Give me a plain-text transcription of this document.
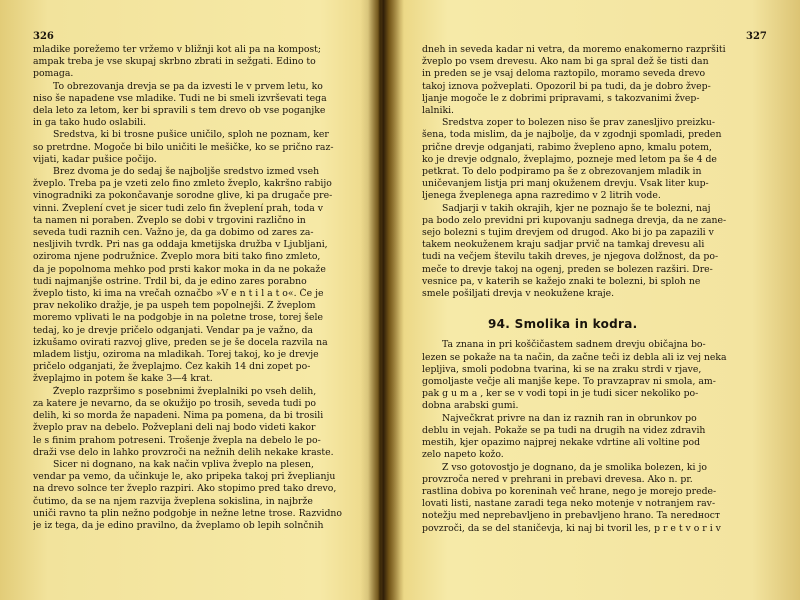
326

mladike porežemo ter vržemo v bližnji kot ali pa na kompost;

ampak treba je vse skupaj skrbno zbrati in sežgati. Edino to

pomaga.

To obrezovanja drevja se pa da izvesti le v prvem letu, ko

niso še napadene vse mladike. Tudi ne bi smeli izvrševati tega

dela leto za letom, ker bi spravili s tem drevo ob vse poganjke

in ga tako hudo oslabili.

Sredstva, ki bi trosne pušice uničilo, sploh ne poznam, ker

so pretrdne. Mogoče bi bilo uničiti le mešičke, ko se prično raz-

vijati, kadar pušice počijo.

Brez dvoma je do sedaj še najboljše sredstvo izmed vseh

žveplo. Treba pa je vzeti zelo fino zmleto žveplo, kakršno rabijo

vinogradniki za pokončavanje sorodne glive, ki pa drugače pre-

vinni. Žveplení cvet je sicer tudi zelo fin žveplení prah, toda v

ta namen ni poraben. Žveplo se dobi v trgovini različno in

seveda tudi raznih cen. Važno je, da ga dobimo od zares za-

nesljivih tvrdk. Pri nas ga oddaja kmetijska družba v Ljubljani,

oziroma njene podružnice. Žveplo mora biti tako fino zmleto,

da je popolnoma mehko pod prsti kakor moka in da ne pokaže

tudi najmanjše ostrine. Trdil bi, da je edino zares porabno

žveplo tisto, ki ima na vrečah označbo »V e n t i l a t o«. Če je

prav nekoliko dražje, je pa uspeh tem popolnejši. Z žveplom

moremo vplivati le na podgobje in na poletne trose, torej šele

tedaj, ko je drevje pričelo odganjati. Vendar pa je važno, da

izkušamo ovirati razvoj glive, preden se je še docela razvila na

mladem listju, oziroma na mladikah. Torej takoj, ko je drevje

pričelo odganjati, že žveplajmo. Čez kakih 14 dni zopet po-

žveplajmo in potem še kake 3—4 krat.

Žveplo razpršimo s posebnimi žveplalniki po vseh delih,

za katere je nevarno, da se okužijo po trosih, seveda tudi po

delih, ki so morda že napadeni. Nima pa pomena, da bi trosili

žveplo prav na debelo. Požveplani deli naj bodo videti kakor

le s finim prahom potreseni. Trošenje žvepla na debelo le po-

draži vse delo in lahko provzroči na nežnih delih nekake kraste.

Sicer ni dognano, na kak način vpliva žveplo na plesen,

vendar pa vemo, da učinkuje le, ako pripeka takoj pri žveplianju

na drevo solnce ter žveplo razpiri. Ako stopimo pred tako drevo,

čutimo, da se na njem razvija žveplena sokislina, in najbrže

uniči ravno ta plin nežno podgobje in nežne letne trose. Razvidno

je iz tega, da je edino pravilno, da žveplamo ob lepih solnčnih

327

dneh in seveda kadar ni vetra, da moremo enakomerno razpršiti

žveplo po vsem drevesu. Ako nam bi ga spral dež še tisti dan

in preden se je vsaj deloma raztopilo, moramo seveda drevo

takoj iznova požveplati. Opozoril bi pa tudi, da je dobro žvep-

ljanje mogoče le z dobrimi pripravami, s takozvanimi žvep-

lalniki.

Sredstva zoper to bolezen niso še prav zanesljivo preizku-

šena, toda mislim, da je najbolje, da v zgodnji spomladi, preden

prične drevje odganjati, rabimo žvepleno apno, kmalu potem,

ko je drevje odgnalo, žveplajmo, pozneje med letom pa še 4 de

petkrat. To delo podpiramo pa še z obrezovanjem mladik in

uničevanjem listja pri manj okuženem drevju. Vsak liter kup-

ljenega žveplenega apna razredimo v 2 litrih vode.

Sadjarji v takih okrajih, kjer ne poznajo še te bolezni, naj

pa bodo zelo previdni pri kupovanju sadnega drevja, da ne zane-

sejo bolezni s tujim drevjem od drugod. Ako bi jo pa zapazili v

takem neokuženem kraju sadjar prvič na tamkaj drevesu ali

tudi na večjem številu takih dreves, je njegova dolžnost, da po-

meče to drevje takoj na ogenj, preden se bolezen razširi. Dre-

vesnice pa, v katerih se kažejo znaki te bolezni, bi sploh ne

smele pošiljati drevja v neokužene kraje.

94. Smolika in kodra.

Ta znana in pri koščičastem sadnem drevju običajna bo-

lezen se pokaže na ta način, da začne teči iz debla ali iz vej neka

lepljiva, smoli podobna tvarina, ki se na zraku strdi v rjave,

gomoljaste večje ali manjše kepe. To pravzaprav ni smola, am-

pak g u m a , ker se v vodi topi in je tudi sicer nekoliko po-

dobna arabski gumi.

Največkrat privre na dan iz raznih ran in obrunkov po

deblu in vejah. Pokaže se pa tudi na drugih na videz zdravih

mestih, kjer opazimo najprej nekake vdrtine ali voltine pod

zelo napeto kožo.

Z vso gotovostjo je dognano, da je smolika bolezen, ki jo

provzroča nered v prehrani in prebavi drevesa. Ako n. pr.

rastlina dobiva po koreninah več hrane, nego je morejo prede-

lovati listi, nastane zaradi tega neko motenje v notranjem rav-

notežju med neprebavljeno in prebavljeno hrano. Ta neredност

povzroči, da se del staničevja, ki naj bi tvoril les, p r e t v o r i v
